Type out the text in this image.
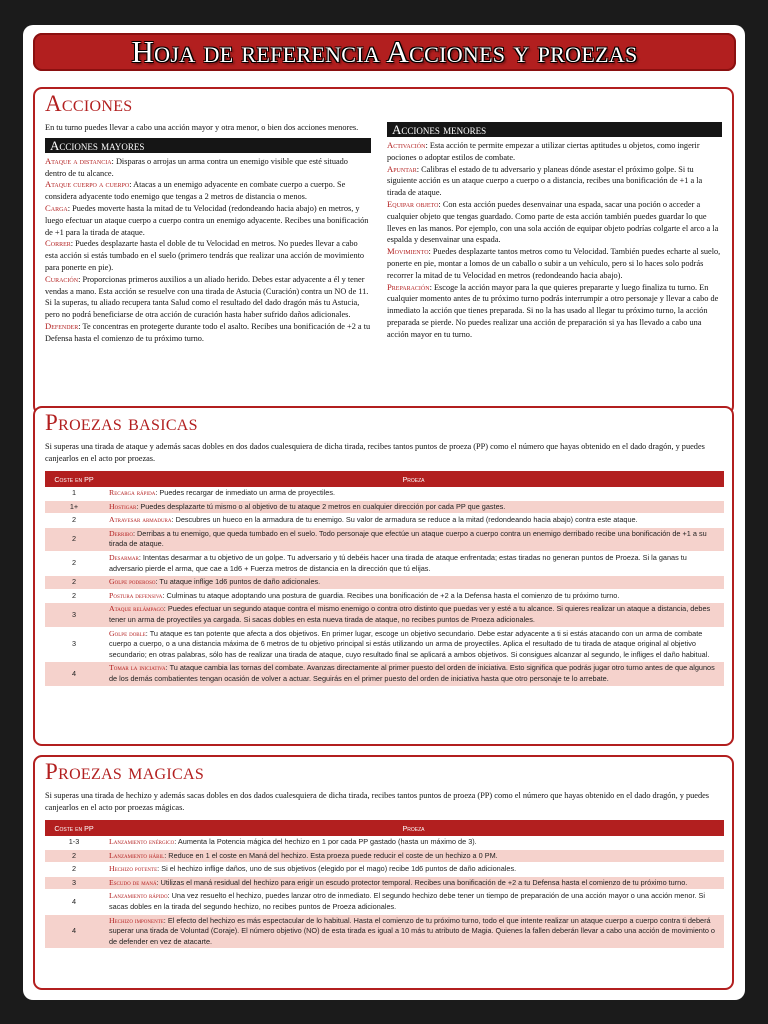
Hoja de referencia Acciones y proezas
Acciones

En tu turno puedes llevar a cabo una acción mayor y otra menor, o bien dos acciones menores.

Acciones mayores

Ataque a distancia: Disparas o arrojas un arma contra un enemigo visible que esté situado dentro de tu alcance.

Ataque cuerpo a cuerpo: Atacas a un enemigo adyacente en combate cuerpo a cuerpo. Se considera adyacente todo enemigo que tengas a 2 metros de distancia o menos.

Carga: Puedes moverte hasta la mitad de tu Velocidad (redondeando hacia abajo) en metros, y luego efectuar un ataque cuerpo a cuerpo contra un enemigo adyacente. Recibes una bonificación de +1 para la tirada de ataque.

Correr: Puedes desplazarte hasta el doble de tu Velocidad en metros. No puedes llevar a cabo esta acción si estás tumbado en el suelo (primero tendrás que realizar una acción de movimiento para ponerte en pie).

Curación: Proporcionas primeros auxilios a un aliado herido. Debes estar adyacente a él y tener vendas a mano. Esta acción se resuelve con una tirada de Astucia (Curación) contra un NO de 11. Si la superas, tu aliado recupera tanta Salud como el resultado del dado dragón más tu Astucia, pero no podrá beneficiarse de otra acción de curación hasta haber sufrido daños adicionales.

Defender: Te concentras en protegerte durante todo el asalto. Recibes una bonificación de +2 a tu Defensa hasta el comienzo de tu próximo turno.

Acciones menores

Activación: Esta acción te permite empezar a utilizar ciertas aptitudes u objetos, como ingerir pociones o adoptar estilos de combate.

Apuntar: Calibras el estado de tu adversario y planeas dónde asestar el próximo golpe. Si tu siguiente acción es un ataque cuerpo a cuerpo o a distancia, recibes una bonificación de +1 a la tirada de ataque.

Equipar objeto: Con esta acción puedes desenvainar una espada, sacar una poción o acceder a cualquier objeto que tengas guardado. Como parte de esta acción también puedes guardar lo que lleves en las manos. Por ejemplo, con una sola acción de equipar objeto podrías colgarte el arco a la espalda y desenvainar una espada.

Movimiento: Puedes desplazarte tantos metros como tu Velocidad. También puedes echarte al suelo, ponerte en pie, montar a lomos de un caballo o subir a un vehículo, pero si lo haces solo podrás recorrer la mitad de tu Velocidad en metros (redondeando hacia abajo).

Preparación: Escoge la acción mayor para la que quieres prepararte y luego finaliza tu turno. En cualquier momento antes de tu próximo turno podrás interrumpir a otro personaje y llevar a cabo de inmediato la acción que tienes preparada. Si no la has usado al llegar tu próximo turno, la acción preparada se pierde. No puedes realizar una acción de preparación si ya has llevado a cabo una acción mayor en tu turno.

Proezas basicas

Si superas una tirada de ataque y además sacas dobles en dos dados cualesquiera de dicha tirada, recibes tantos puntos de proeza (PP) como el número que hayas obtenido en el dado dragón, y puedes canjearlos en el acto por proezas.

Coste en PP	Proeza
1	Recarga rápida: Puedes recargar de inmediato un arma de proyectiles.
1+	Hostigar: Puedes desplazarte tú mismo o al objetivo de tu ataque 2 metros en cualquier dirección por cada PP que gastes.
2	Atravesar armadura: Descubres un hueco en la armadura de tu enemigo. Su valor de armadura se reduce a la mitad (redondeando hacia abajo) contra este ataque.
2	Derribo: Derribas a tu enemigo, que queda tumbado en el suelo. Todo personaje que efectúe un ataque cuerpo a cuerpo contra un enemigo derribado recibe una bonificación de +1 a su tirada de ataque.
2	Desarmar: Intentas desarmar a tu objetivo de un golpe. Tu adversario y tú debéis hacer una tirada de ataque enfrentada; estas tiradas no generan puntos de Proeza. Si la ganas tu adversario pierde el arma, que cae a 1d6 + Fuerza metros de distancia en la dirección que tú elijas.
2	Golpe poderoso: Tu ataque inflige 1d6 puntos de daño adicionales.
2	Postura defensiva: Culminas tu ataque adoptando una postura de guardia. Recibes una bonificación de +2 a la Defensa hasta el comienzo de tu próximo turno.
3	Ataque relámpago: Puedes efectuar un segundo ataque contra el mismo enemigo o contra otro distinto que puedas ver y esté a tu alcance. Si quieres realizar un ataque a distancia, debes tener un arma de proyectiles ya cargada. Si sacas dobles en esta nueva tirada de ataque, no recibes puntos de Proeza adicionales.
3	Golpe doble: Tu ataque es tan potente que afecta a dos objetivos. En primer lugar, escoge un objetivo secundario. Debe estar adyacente a ti si estás atacando con un arma de combate cuerpo a cuerpo, o a una distancia máxima de 6 metros de tu objetivo principal si estás utilizando un arma de proyectiles. Aplica el resultado de tu tirada de ataque original al objetivo secundario; en otras palabras, sólo has de realizar una tirada de ataque, cuyo resultado final se aplicará a ambos objetivos. Si consigues alcanzar al segundo, le infliges el daño habitual.
4	Tomar la iniciativa: Tu ataque cambia las tornas del combate. Avanzas directamente al primer puesto del orden de iniciativa. Esto significa que podrás jugar otro turno antes de que algunos de los demás combatientes tengan ocasión de volver a actuar. Seguirás en el primer puesto del orden de iniciativa hasta que otro personaje te lo arrebate.
Proezas magicas

Si superas una tirada de hechizo y además sacas dobles en dos dados cualesquiera de dicha tirada, recibes tantos puntos de proeza (PP) como el número que hayas obtenido en el dado dragón, y puedes canjearlos en el acto por proezas mágicas.

Coste en PP	Proeza
1-3	Lanzamiento enérgico: Aumenta la Potencia mágica del hechizo en 1 por cada PP gastado (hasta un máximo de 3).
2	Lanzamiento hábil: Reduce en 1 el coste en Maná del hechizo. Esta proeza puede reducir el coste de un hechizo a 0 PM.
2	Hechizo potente: Si el hechizo inflige daños, uno de sus objetivos (elegido por el mago) recibe 1d6 puntos de daño adicionales.
3	Escudo de maná: Utilizas el maná residual del hechizo para erigir un escudo protector temporal. Recibes una bonificación de +2 a tu Defensa hasta el comienzo de tu próximo turno.
4	Lanzamiento rápido: Una vez resuelto el hechizo, puedes lanzar otro de inmediato. El segundo hechizo debe tener un tiempo de preparación de una acción mayor o una acción menor. Si sacas dobles en la tirada del segundo hechizo, no recibes puntos de Proeza adicionales.
4	Hechizo imponente: El efecto del hechizo es más espectacular de lo habitual. Hasta el comienzo de tu próximo turno, todo el que intente realizar un ataque cuerpo a cuerpo contra ti deberá superar una tirada de Voluntad (Coraje). El número objetivo (NO) de esta tirada es igual a 10 más tu atributo de Magia. Quienes la fallen deberán llevar a cabo una acción de movimiento o de defender en vez de atacarte.
